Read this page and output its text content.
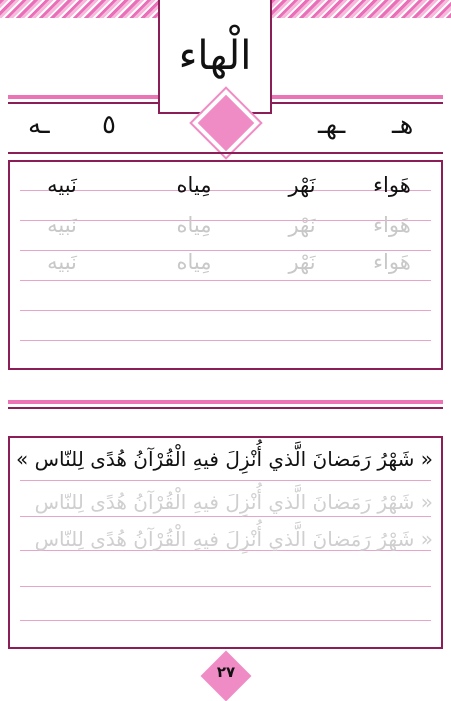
الْهاء
هـ
ـهـ
٥
ـه
هَواء
نَهْر
مِياه
نَبيه
هَواء
نَهْر
مِياه
نَبيه
هَواء
نَهْر
مِياه
نَبيه
« شَهْرُ رَمَضانَ الَّذي أُنْزِلَ فيهِ الْقُرْآنُ هُدًى لِلنّاس »
« شَهْرُ رَمَضانَ الَّذي أُنْزِلَ فيهِ الْقُرْآنُ هُدًى لِلنّاس
« شَهْرُ رَمَضانَ الَّذي أُنْزِلَ فيهِ الْقُرْآنُ هُدًى لِلنّاس
٢٧
